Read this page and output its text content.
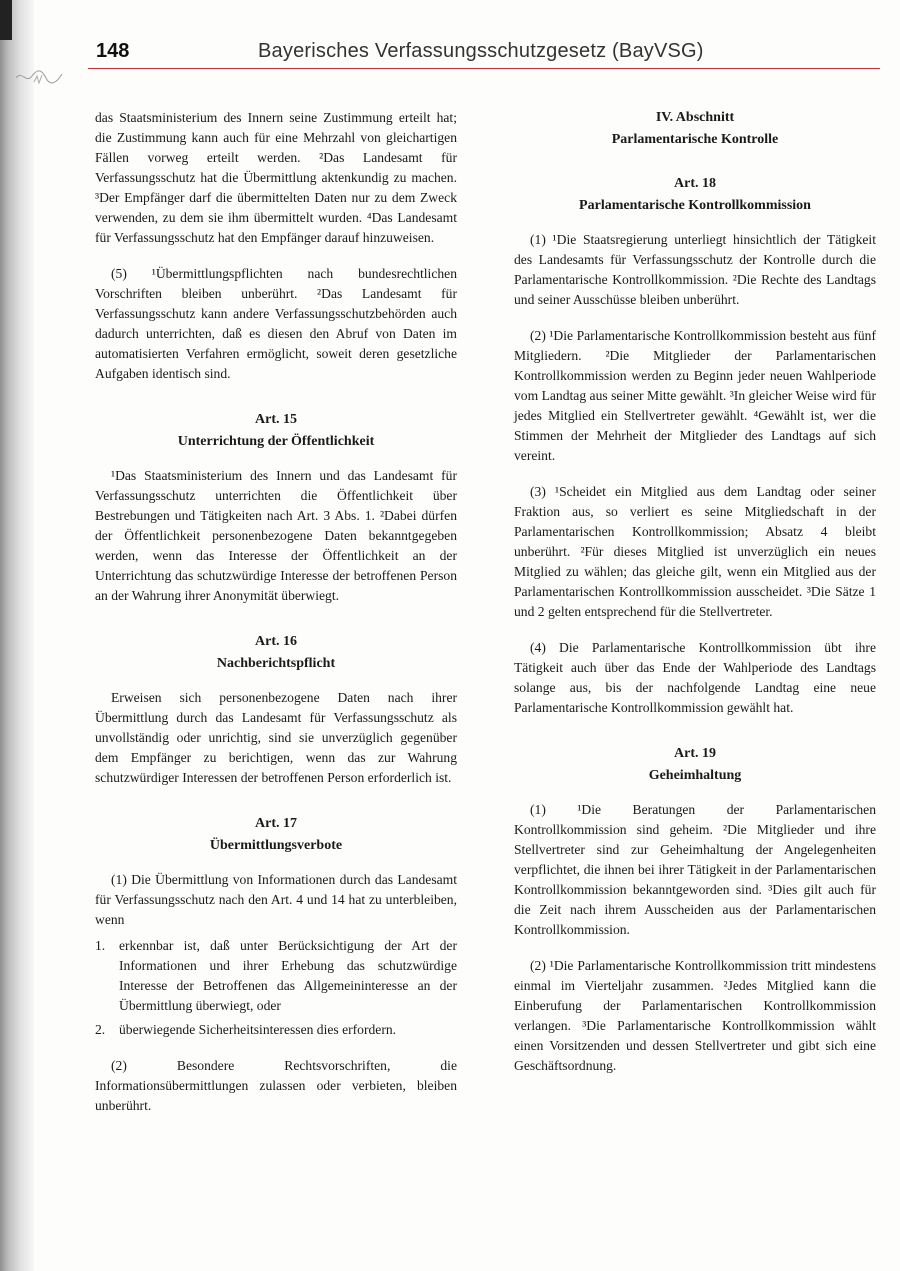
148	Bayerisches Verfassungsschutzgesetz (BayVSG)

das Staatsministerium des Innern seine Zustimmung erteilt hat; die Zustimmung kann auch für eine Mehrzahl von gleichartigen Fällen vorweg erteilt werden. ²Das Landesamt für Verfassungsschutz hat die Übermittlung aktenkundig zu machen. ³Der Empfänger darf die übermittelten Daten nur zu dem Zweck verwenden, zu dem sie ihm übermittelt wurden. ⁴Das Landesamt für Verfassungsschutz hat den Empfänger darauf hinzuweisen.

(5) ¹Übermittlungspflichten nach bundesrechtlichen Vorschriften bleiben unberührt. ²Das Landesamt für Verfassungsschutz kann andere Verfassungsschutzbehörden auch dadurch unterrichten, daß es diesen den Abruf von Daten im automatisierten Verfahren ermöglicht, soweit deren gesetzliche Aufgaben identisch sind.

Art. 15
Unterrichtung der Öffentlichkeit

¹Das Staatsministerium des Innern und das Landesamt für Verfassungsschutz unterrichten die Öffentlichkeit über Bestrebungen und Tätigkeiten nach Art. 3 Abs. 1. ²Dabei dürfen der Öffentlichkeit personenbezogene Daten bekanntgegeben werden, wenn das Interesse der Öffentlichkeit an der Unterrichtung das schutzwürdige Interesse der betroffenen Person an der Wahrung ihrer Anonymität überwiegt.

Art. 16
Nachberichtspflicht

Erweisen sich personenbezogene Daten nach ihrer Übermittlung durch das Landesamt für Verfassungsschutz als unvollständig oder unrichtig, sind sie unverzüglich gegenüber dem Empfänger zu berichtigen, wenn das zur Wahrung schutzwürdiger Interessen der betroffenen Person erforderlich ist.

Art. 17
Übermittlungsverbote

(1) Die Übermittlung von Informationen durch das Landesamt für Verfassungsschutz nach den Art. 4 und 14 hat zu unterbleiben, wenn

1.	erkennbar ist, daß unter Berücksichtigung der Art der Informationen und ihrer Erhebung das schutzwürdige Interesse der Betroffenen das Allgemeininteresse an der Übermittlung überwiegt, oder
2.	überwiegende Sicherheitsinteressen dies erfordern.

(2) Besondere Rechtsvorschriften, die Informationsübermittlungen zulassen oder verbieten, bleiben unberührt.

IV. Abschnitt
Parlamentarische Kontrolle
Art. 18
Parlamentarische Kontrollkommission

(1) ¹Die Staatsregierung unterliegt hinsichtlich der Tätigkeit des Landesamts für Verfassungsschutz der Kontrolle durch die Parlamentarische Kontrollkommission. ²Die Rechte des Landtags und seiner Ausschüsse bleiben unberührt.

(2) ¹Die Parlamentarische Kontrollkommission besteht aus fünf Mitgliedern. ²Die Mitglieder der Parlamentarischen Kontrollkommission werden zu Beginn jeder neuen Wahlperiode vom Landtag aus seiner Mitte gewählt. ³In gleicher Weise wird für jedes Mitglied ein Stellvertreter gewählt. ⁴Gewählt ist, wer die Stimmen der Mehrheit der Mitglieder des Landtags auf sich vereint.

(3) ¹Scheidet ein Mitglied aus dem Landtag oder seiner Fraktion aus, so verliert es seine Mitgliedschaft in der Parlamentarischen Kontrollkommission; Absatz 4 bleibt unberührt. ²Für dieses Mitglied ist unverzüglich ein neues Mitglied zu wählen; das gleiche gilt, wenn ein Mitglied aus der Parlamentarischen Kontrollkommission ausscheidet. ³Die Sätze 1 und 2 gelten entsprechend für die Stellvertreter.

(4) Die Parlamentarische Kontrollkommission übt ihre Tätigkeit auch über das Ende der Wahlperiode des Landtags solange aus, bis der nachfolgende Landtag eine neue Parlamentarische Kontrollkommission gewählt hat.

Art. 19
Geheimhaltung

(1) ¹Die Beratungen der Parlamentarischen Kontrollkommission sind geheim. ²Die Mitglieder und ihre Stellvertreter sind zur Geheimhaltung der Angelegenheiten verpflichtet, die ihnen bei ihrer Tätigkeit in der Parlamentarischen Kontrollkommission bekanntgeworden sind. ³Dies gilt auch für die Zeit nach ihrem Ausscheiden aus der Parlamentarischen Kontrollkommission.

(2) ¹Die Parlamentarische Kontrollkommission tritt mindestens einmal im Vierteljahr zusammen. ²Jedes Mitglied kann die Einberufung der Parlamentarischen Kontrollkommission verlangen. ³Die Parlamentarische Kontrollkommission wählt einen Vorsitzenden und dessen Stellvertreter und gibt sich eine Geschäftsordnung.
